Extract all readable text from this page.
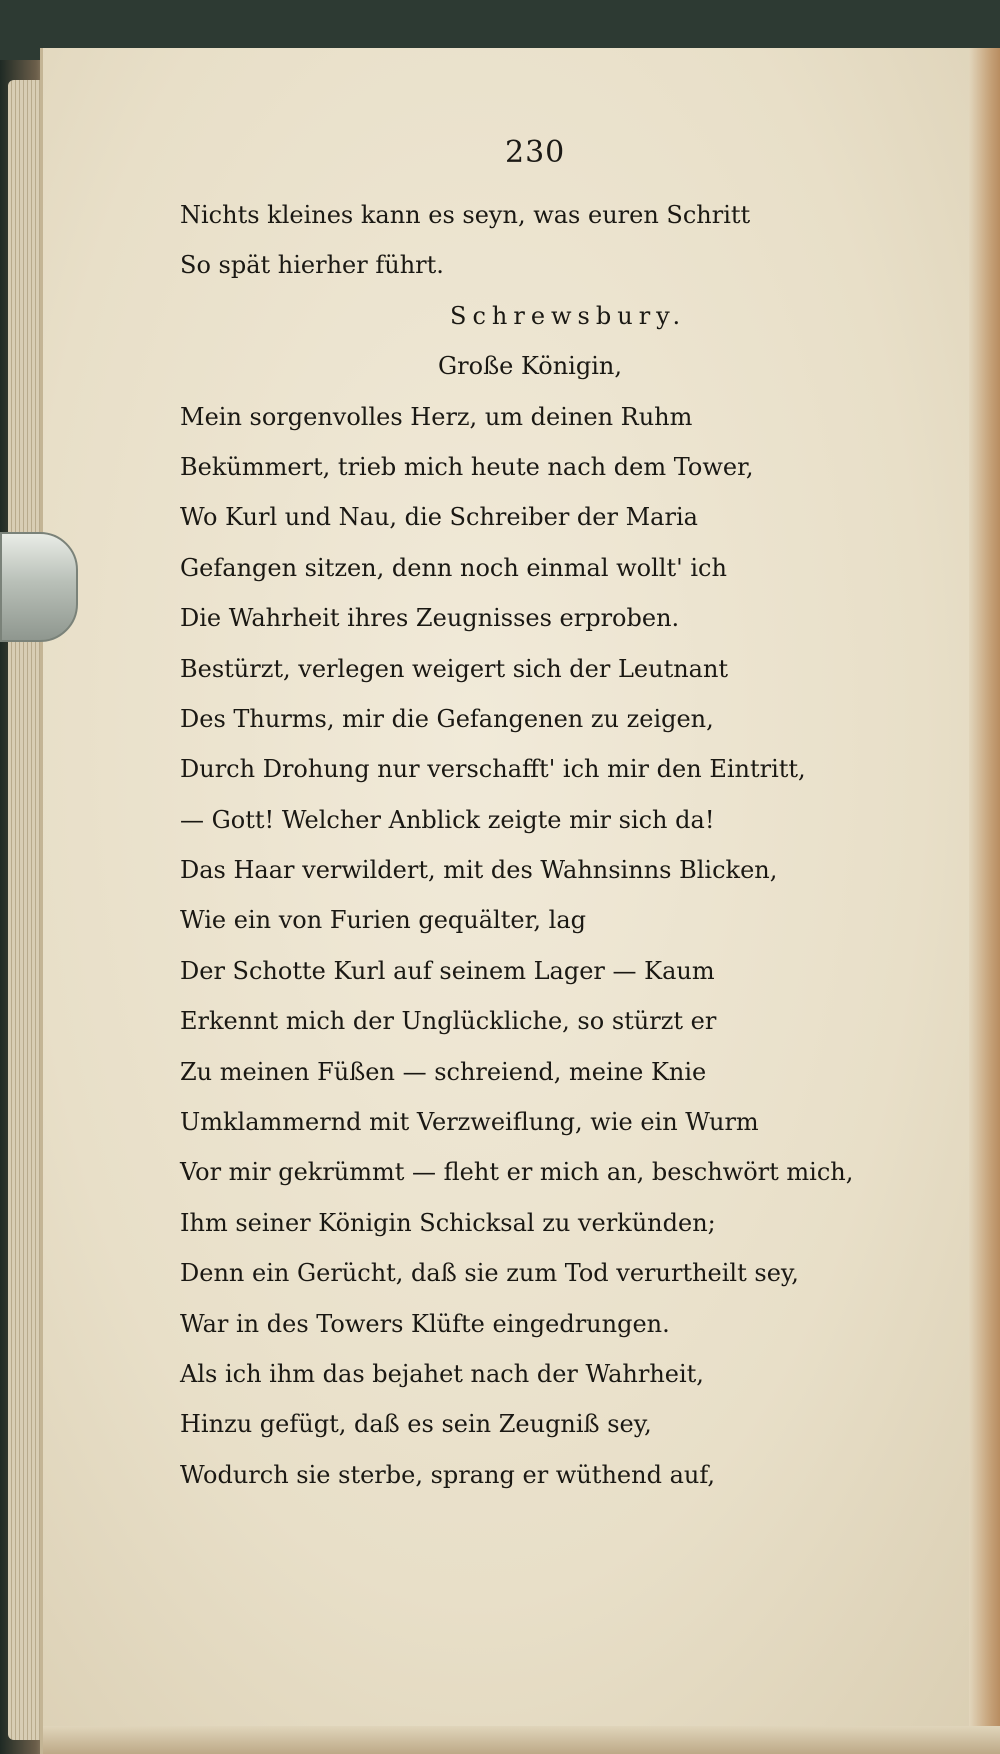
230
Nichts kleines kann es seyn, was euren Schritt
So spät hierher führt.
Schrewsbury.
Große Königin,
Mein sorgenvolles Herz, um deinen Ruhm
Bekümmert, trieb mich heute nach dem Tower,
Wo Kurl und Nau, die Schreiber der Maria
Gefangen sitzen, denn noch einmal wollt' ich
Die Wahrheit ihres Zeugnisses erproben.
Bestürzt, verlegen weigert sich der Leutnant
Des Thurms, mir die Gefangenen zu zeigen,
Durch Drohung nur verschafft' ich mir den Eintritt,
— Gott! Welcher Anblick zeigte mir sich da!
Das Haar verwildert, mit des Wahnsinns Blicken,
Wie ein von Furien gequälter, lag
Der Schotte Kurl auf seinem Lager — Kaum
Erkennt mich der Unglückliche, so stürzt er
Zu meinen Füßen — schreiend, meine Knie
Umklammernd mit Verzweiflung, wie ein Wurm
Vor mir gekrümmt — fleht er mich an, beschwört mich,
Ihm seiner Königin Schicksal zu verkünden;
Denn ein Gerücht, daß sie zum Tod verurtheilt sey,
War in des Towers Klüfte eingedrungen.
Als ich ihm das bejahet nach der Wahrheit,
Hinzu gefügt, daß es sein Zeugniß sey,
Wodurch sie sterbe, sprang er wüthend auf,
